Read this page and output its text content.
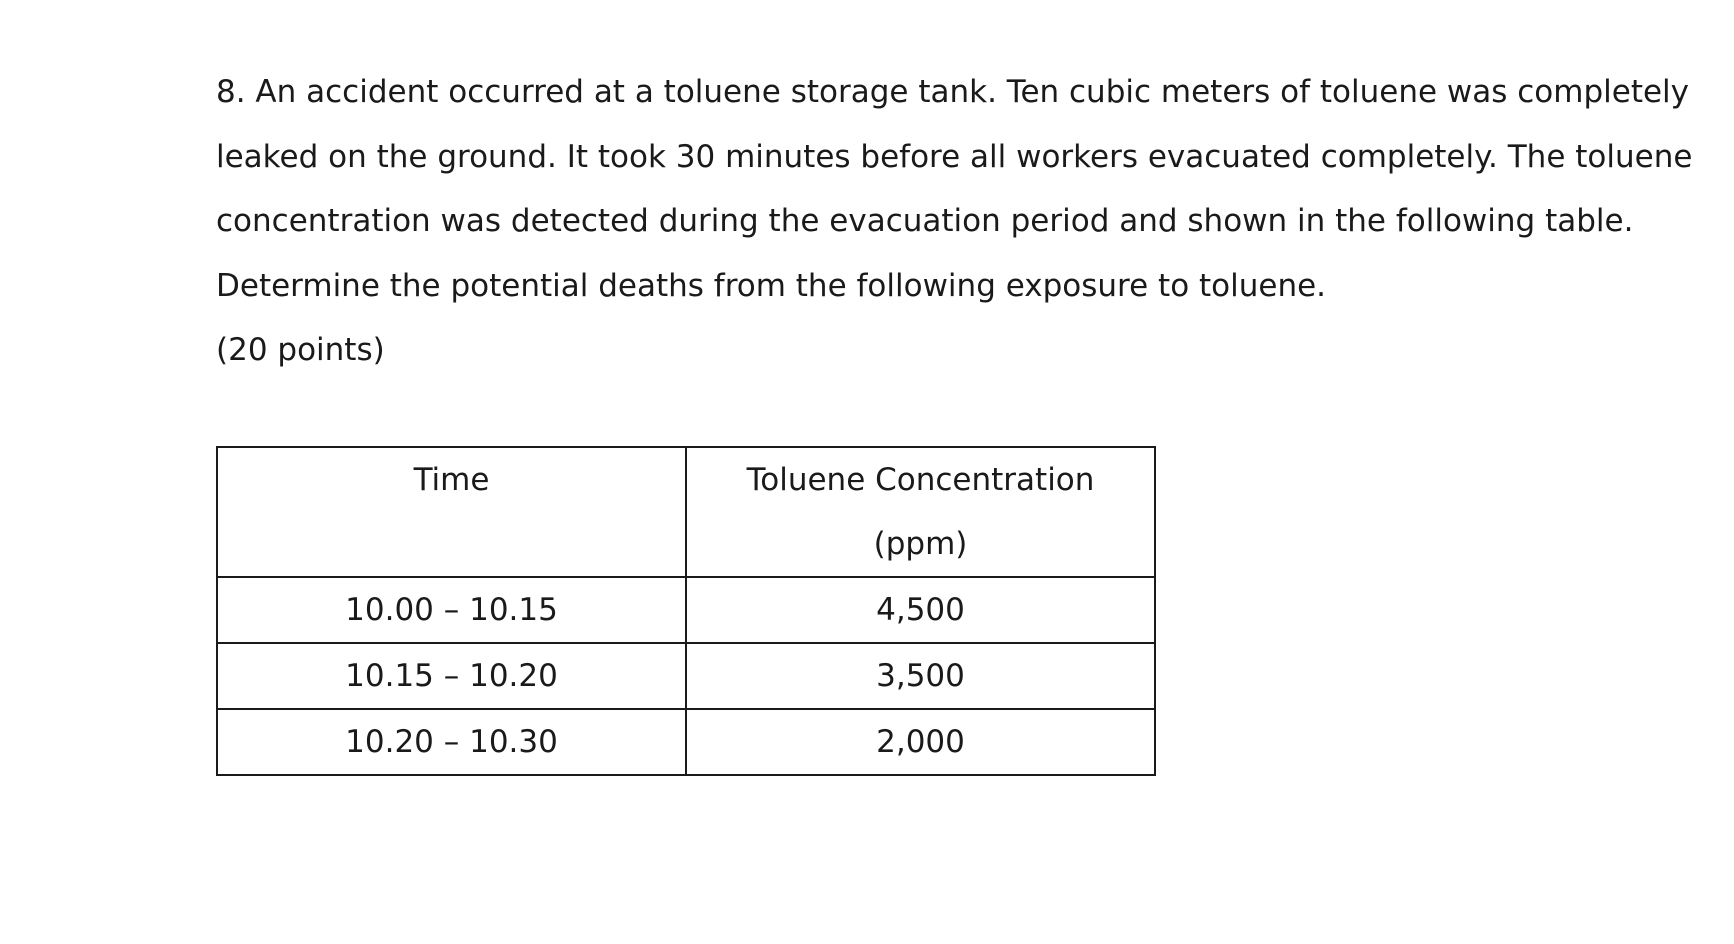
8. An accident occurred at a toluene storage tank. Ten cubic meters of toluene was completely

leaked on the ground. It took 30 minutes before all workers evacuated completely. The toluene

concentration was detected during the evacuation period and shown in the following table.

Determine the potential deaths from the following exposure to toluene.

(20 points)

Time	Toluene Concentration
(ppm)

10.00 – 10.15	4,500
10.15 – 10.20	3,500
10.20 – 10.30	2,000
